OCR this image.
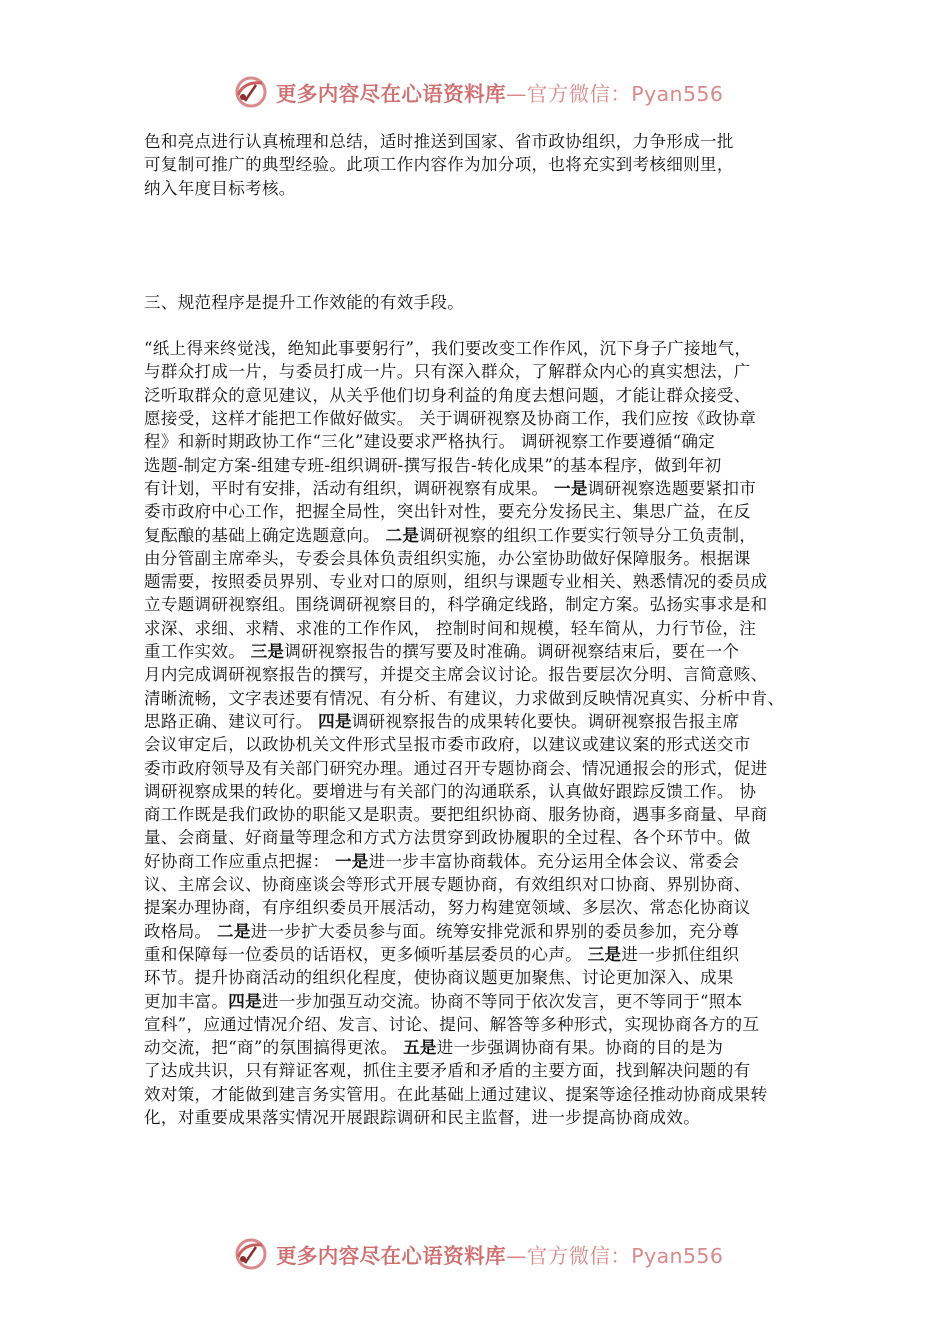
更多内容尽在心语资料库—官方微信：Pyan556
色和亮点进行认真梳理和总结，适时推送到国家、省市政协组织，力争形成一批
可复制可推广的典型经验。此项工作内容作为加分项，也将充实到考核细则里，
纳入年度目标考核。
三、规范程序是提升工作效能的有效手段。
“纸上得来终觉浅，绝知此事要躬行”，我们要改变工作作风，沉下身子广接地气，
与群众打成一片，与委员打成一片。只有深入群众，了解群众内心的真实想法，广
泛听取群众的意见建议，从关乎他们切身利益的角度去想问题，才能让群众接受、
愿接受，这样才能把工作做好做实。 关于调研视察及协商工作，我们应按《政协章
程》和新时期政协工作“三化”建设要求严格执行。 调研视察工作要遵循“确定
选题-制定方案-组建专班-组织调研-撰写报告-转化成果”的基本程序，做到年初
有计划，平时有安排，活动有组织，调研视察有成果。 一是调研视察选题要紧扣市
委市政府中心工作，把握全局性，突出针对性，要充分发扬民主、集思广益，在反
复酝酿的基础上确定选题意向。 二是调研视察的组织工作要实行领导分工负责制，
由分管副主席牵头，专委会具体负责组织实施，办公室协助做好保障服务。根据课
题需要，按照委员界别、专业对口的原则，组织与课题专业相关、熟悉情况的委员成
立专题调研视察组。围绕调研视察目的，科学确定线路，制定方案。弘扬实事求是和
求深、求细、求精、求准的工作作风， 控制时间和规模，轻车简从，力行节俭，注
重工作实效。 三是调研视察报告的撰写要及时准确。调研视察结束后，要在一个
月内完成调研视察报告的撰写，并提交主席会议讨论。报告要层次分明、言简意赅、
清晰流畅，文字表述要有情况、有分析、有建议，力求做到反映情况真实、分析中肯、
思路正确、建议可行。 四是调研视察报告的成果转化要快。调研视察报告报主席
会议审定后，以政协机关文件形式呈报市委市政府，以建议或建议案的形式送交市
委市政府领导及有关部门研究办理。通过召开专题协商会、情况通报会的形式，促进
调研视察成果的转化。要增进与有关部门的沟通联系，认真做好跟踪反馈工作。 协
商工作既是我们政协的职能又是职责。要把组织协商、服务协商，遇事多商量、早商
量、会商量、好商量等理念和方式方法贯穿到政协履职的全过程、各个环节中。做
好协商工作应重点把握： 一是进一步丰富协商载体。充分运用全体会议、常委会
议、主席会议、协商座谈会等形式开展专题协商，有效组织对口协商、界别协商、
提案办理协商，有序组织委员开展活动，努力构建宽领域、多层次、常态化协商议
政格局。 二是进一步扩大委员参与面。统筹安排党派和界别的委员参加，充分尊
重和保障每一位委员的话语权，更多倾听基层委员的心声。 三是进一步抓住组织
环节。提升协商活动的组织化程度，使协商议题更加聚焦、讨论更加深入、成果
更加丰富。四是进一步加强互动交流。协商不等同于依次发言，更不等同于“照本
宣科”，应通过情况介绍、发言、讨论、提问、解答等多种形式，实现协商各方的互
动交流，把“商”的氛围搞得更浓。 五是进一步强调协商有果。协商的目的是为
了达成共识，只有辩证客观，抓住主要矛盾和矛盾的主要方面，找到解决问题的有
效对策，才能做到建言务实管用。在此基础上通过建议、提案等途径推动协商成果转
化，对重要成果落实情况开展跟踪调研和民主监督，进一步提高协商成效。
更多内容尽在心语资料库—官方微信：Pyan556
